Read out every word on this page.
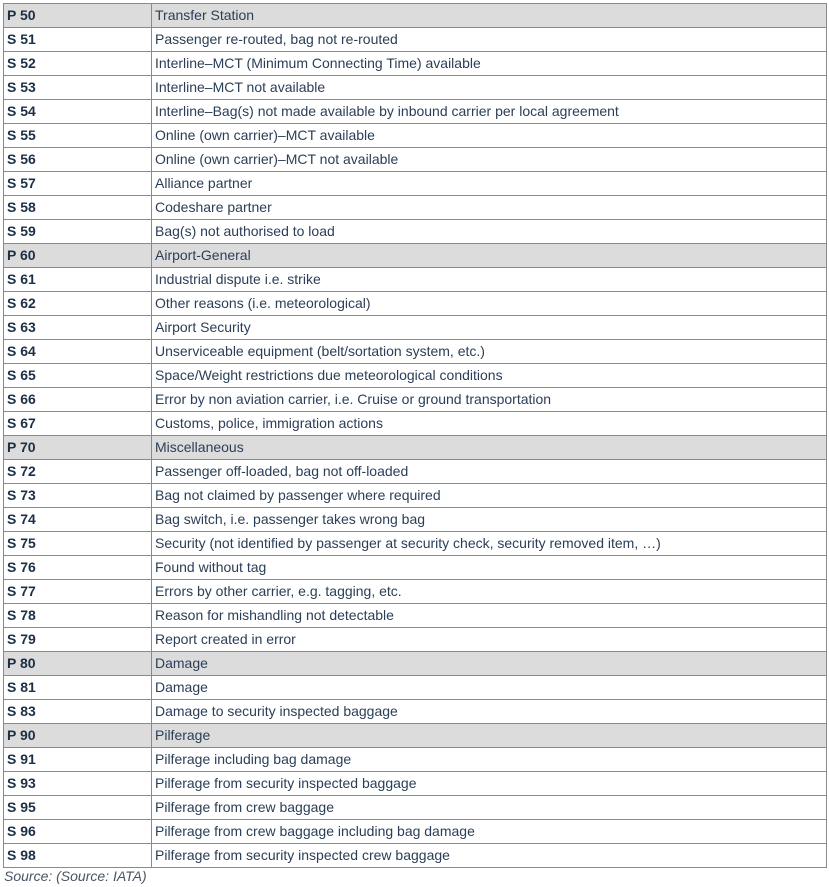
P 50	Transfer Station
S 51	Passenger re-routed, bag not re-routed
S 52	Interline–MCT (Minimum Connecting Time) available
S 53	Interline–MCT not available
S 54	Interline–Bag(s) not made available by inbound carrier per local agreement
S 55	Online (own carrier)–MCT available
S 56	Online (own carrier)–MCT not available
S 57	Alliance partner
S 58	Codeshare partner
S 59	Bag(s) not authorised to load
P 60	Airport-General
S 61	Industrial dispute i.e. strike
S 62	Other reasons (i.e. meteorological)
S 63	Airport Security
S 64	Unserviceable equipment (belt/sortation system, etc.)
S 65	Space/Weight restrictions due meteorological conditions
S 66	Error by non aviation carrier, i.e. Cruise or ground transportation
S 67	Customs, police, immigration actions
P 70	Miscellaneous
S 72	Passenger off-loaded, bag not off-loaded
S 73	Bag not claimed by passenger where required
S 74	Bag switch, i.e. passenger takes wrong bag
S 75	Security (not identified by passenger at security check, security removed item, …)
S 76	Found without tag
S 77	Errors by other carrier, e.g. tagging, etc.
S 78	Reason for mishandling not detectable
S 79	Report created in error
P 80	Damage
S 81	Damage
S 83	Damage to security inspected baggage
P 90	Pilferage
S 91	Pilferage including bag damage
S 93	Pilferage from security inspected baggage
S 95	Pilferage from crew baggage
S 96	Pilferage from crew baggage including bag damage
S 98	Pilferage from security inspected crew baggage
Source: (Source: IATA)
